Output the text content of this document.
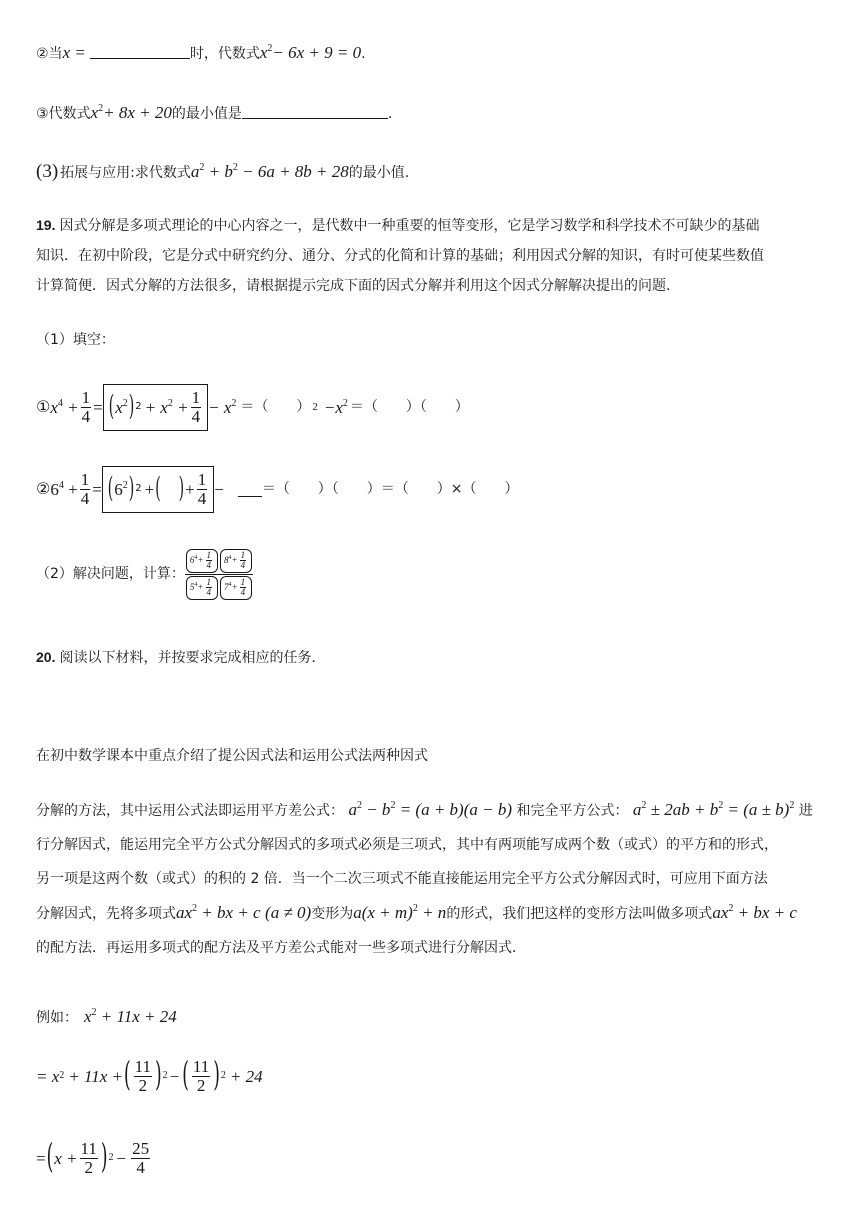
②当x =	时，代数式$x^2- 6x + 9 = 0$.
③代数式$x^2+ 8x + 20$的最小值是	.
(3) 拓展与应用:求代数式$a^2 + b^2 - 6a + 8b + 28$的最小值.
19. 因式分解是多项式理论的中心内容之一，是代数中一种重要的恒等变形，它是学习数学和科学技术不可缺少的基础
知识．在初中阶段，它是分式中研究约分、通分、分式的化简和计算的基础；利用因式分解的知识，有时可使某些数值
计算简便．因式分解的方法很多，请根据提示完成下面的因式分解并利用这个因式分解解决提出的问题．
（1）填空：
① $x^4 + \frac{1}{4}$ = ( $x^2$ ) $2 + x^2 + \frac{1}{4} - x^2$ ＝（　　） $2 -x^2$ ＝（　　）（　　）
② $6^4 + \frac{1}{4}$ = ( $6^2$ ) 2 + ( ) + $\frac{1}{4}$ −	＝（　　）（　　）＝（　　）×（　　）
（2）解决问题，计算： $\frac{6^4+ \frac{1}{4} 8^4+ \frac{1}{4}}{5^4+ \frac{1}{4} 7^4+ \frac{1}{4}}$
20. 阅读以下材料，并按要求完成相应的任务．
在初中数学课本中重点介绍了提公因式法和运用公式法两种因式
分解的方法，其中运用公式法即运用平方差公式： $a^2 - b^2 = (a + b)(a - b)$ 和完全平方公式： $a^2 \pm 2ab + b^2 = (a \pm b)^2$ 进
行分解因式，能运用完全平方公式分解因式的多项式必须是三项式，其中有两项能写成两个数（或式）的平方和的形式，
另一项是这两个数（或式）的积的 2 倍．当一个二次三项式不能直接能运用完全平方公式分解因式时，可应用下面方法
分解因式，先将多项式$ax^2$ + bx + c (a ≠ 0)变形为$a(x + m)^2 + n$的形式，我们把这样的变形方法叫做多项式$ax^2$ + bx + c
的配方法．再运用多项式的配方法及平方差公式能对一些多项式进行分解因式．
例如： $x^2 + 11x + 24$
= x 2 + 11x + ( $\frac{11}{2}$ ) 2 − ( $\frac{11}{2}$ ) 2 + 24
= ( $x + \frac{11}{2}$ ) $2 - \frac{25}{4}$
